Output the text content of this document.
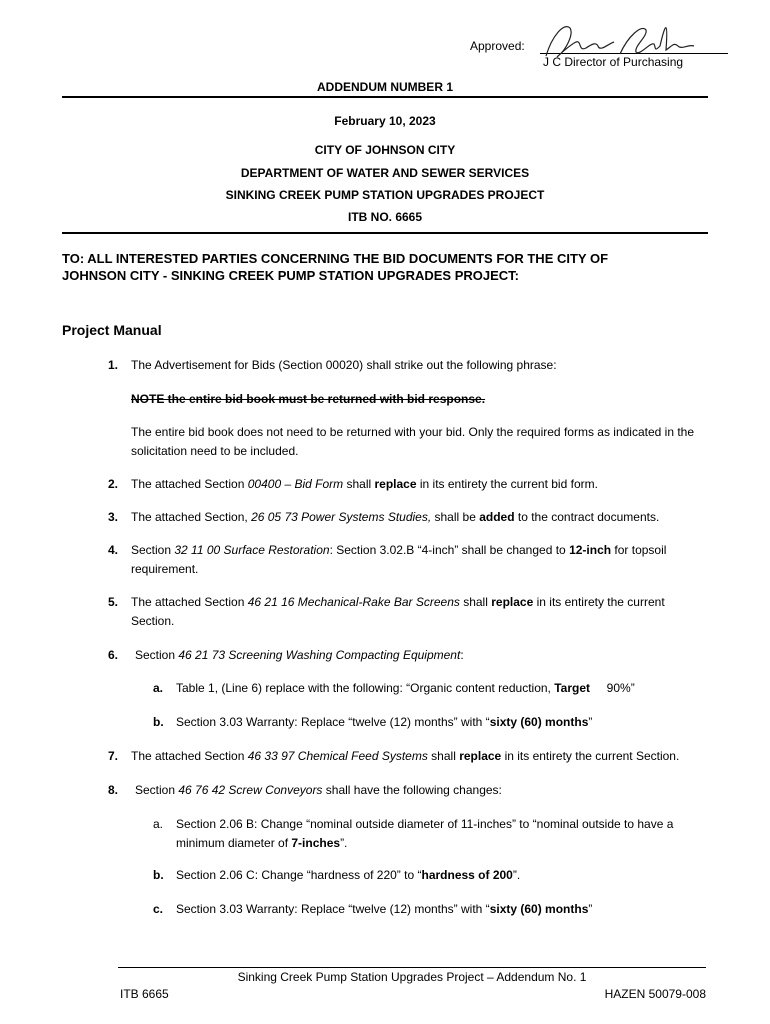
Approved:
J C Director of Purchasing
ADDENDUM NUMBER 1
February 10, 2023
CITY OF JOHNSON CITY
DEPARTMENT OF WATER AND SEWER SERVICES
SINKING CREEK PUMP STATION UPGRADES PROJECT
ITB NO. 6665
TO: ALL INTERESTED PARTIES CONCERNING THE BID DOCUMENTS FOR THE CITY OF
JOHNSON CITY - SINKING CREEK PUMP STATION UPGRADES PROJECT:
Project Manual
1. The Advertisement for Bids (Section 00020) shall strike out the following phrase:
NOTE the entire bid book must be returned with bid response.
The entire bid book does not need to be returned with your bid. Only the required forms as indicated in the solicitation need to be included.
2. The attached Section 00400 – Bid Form shall replace in its entirety the current bid form.
3. The attached Section, 26 05 73 Power Systems Studies, shall be added to the contract documents.
4. Section 32 11 00 Surface Restoration: Section 3.02.B “4-inch” shall be changed to 12-inch for topsoil requirement.
5. The attached Section 46 21 16 Mechanical-Rake Bar Screens shall replace in its entirety the current Section.
6. Section 46 21 73 Screening Washing Compacting Equipment:
a. Table 1, (Line 6) replace with the following: “Organic content reduction, Target     90%”
b. Section 3.03 Warranty: Replace “twelve (12) months” with “sixty (60) months”
7. The attached Section 46 33 97 Chemical Feed Systems shall replace in its entirety the current Section.
8. Section 46 76 42 Screw Conveyors shall have the following changes:
a. Section 2.06 B: Change “nominal outside diameter of 11-inches” to “nominal outside to have a minimum diameter of 7-inches”.
b. Section 2.06 C: Change “hardness of 220” to “hardness of 200”.
c. Section 3.03 Warranty: Replace “twelve (12) months” with “sixty (60) months”
Sinking Creek Pump Station Upgrades Project – Addendum No. 1
ITB 6665	HAZEN 50079-008
